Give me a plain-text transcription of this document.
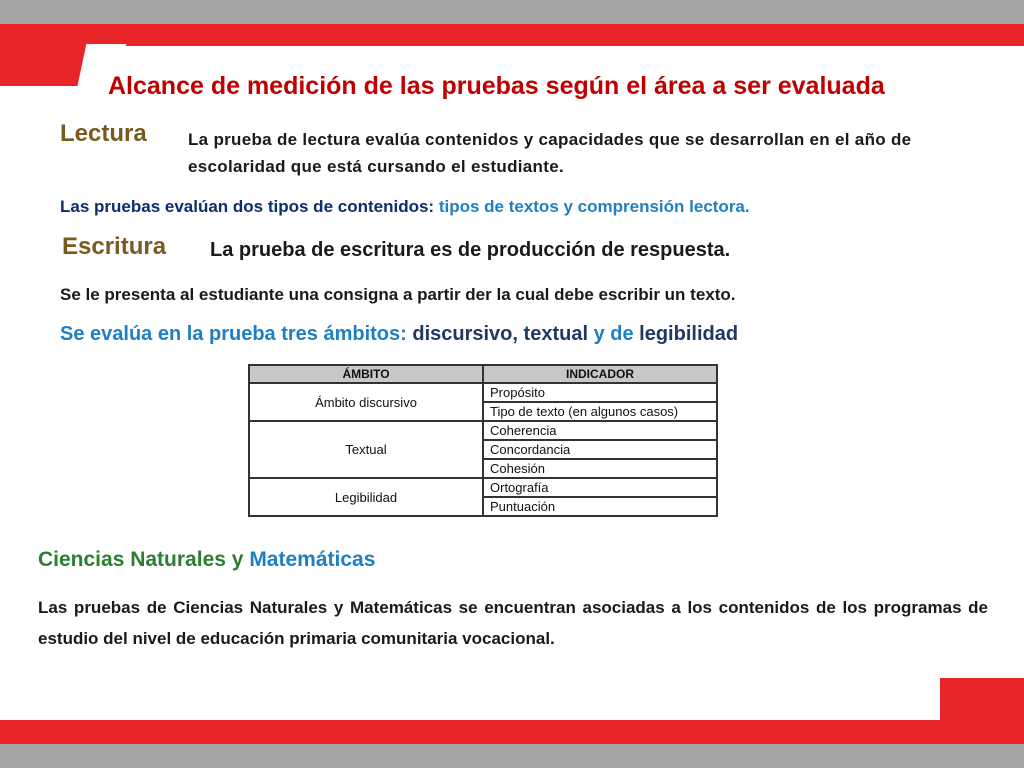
Alcance de medición de las pruebas según el área a ser evaluada
Lectura La prueba de lectura evalúa contenidos y capacidades que se desarrollan en el año de escolaridad que está cursando el estudiante.
Las pruebas evalúan dos tipos de contenidos: tipos de textos y comprensión lectora.
Escritura La prueba de escritura es de producción de respuesta.
Se le presenta al estudiante una consigna a partir der la cual debe escribir un texto.
Se evalúa en la prueba tres ámbitos: discursivo, textual y de legibilidad
ÁMBITO	INDICADOR
Ámbito discursivo	Propósito
	Tipo de texto (en algunos casos)
Textual	Coherencia
	Concordancia
	Cohesión
Legibilidad	Ortografía
	Puntuación
Ciencias Naturales y Matemáticas
Las pruebas de Ciencias Naturales y Matemáticas se encuentran asociadas a los contenidos de los programas de estudio del nivel de educación primaria comunitaria vocacional.
